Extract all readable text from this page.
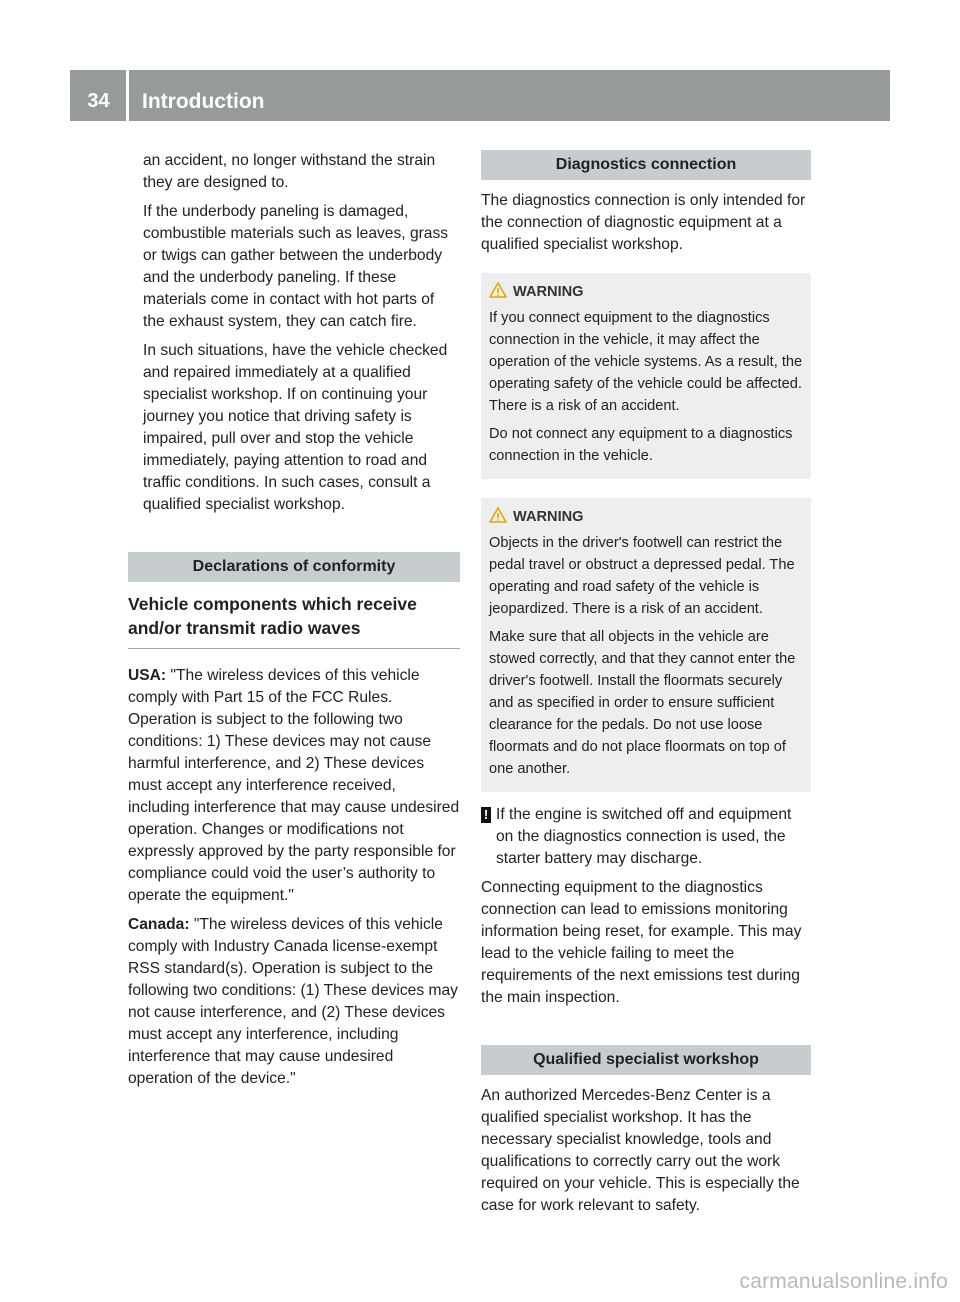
34	Introduction

an accident, no longer withstand the strain they are designed to.

If the underbody paneling is damaged, combustible materials such as leaves, grass or twigs can gather between the underbody and the underbody paneling. If these materials come in contact with hot parts of the exhaust system, they can catch fire.

In such situations, have the vehicle checked and repaired immediately at a qualified specialist workshop. If on continuing your journey you notice that driving safety is impaired, pull over and stop the vehicle immediately, paying attention to road and traffic conditions. In such cases, consult a qualified specialist workshop.

Declarations of conformity
Vehicle components which receive and/or transmit radio waves

USA: "The wireless devices of this vehicle comply with Part 15 of the FCC Rules. Operation is subject to the following two conditions: 1) These devices may not cause harmful interference, and 2) These devices must accept any interference received, including interference that may cause undesired operation. Changes or modifications not expressly approved by the party responsible for compliance could void the user’s authority to operate the equipment."

Canada: "The wireless devices of this vehicle comply with Industry Canada license-exempt RSS standard(s). Operation is subject to the following two conditions: (1) These devices may not cause interference, and (2) These devices must accept any interference, including interference that may cause undesired operation of the device."

Diagnostics connection

The diagnostics connection is only intended for the connection of diagnostic equipment at a qualified specialist workshop.

WARNING

If you connect equipment to the diagnostics connection in the vehicle, it may affect the operation of the vehicle systems. As a result, the operating safety of the vehicle could be affected. There is a risk of an accident.

Do not connect any equipment to a diagnostics connection in the vehicle.

WARNING

Objects in the driver's footwell can restrict the pedal travel or obstruct a depressed pedal. The operating and road safety of the vehicle is jeopardized. There is a risk of an accident.

Make sure that all objects in the vehicle are stowed correctly, and that they cannot enter the driver's footwell. Install the floormats securely and as specified in order to ensure sufficient clearance for the pedals. Do not use loose floormats and do not place floormats on top of one another.

! If the engine is switched off and equipment on the diagnostics connection is used, the starter battery may discharge.

Connecting equipment to the diagnostics connection can lead to emissions monitoring information being reset, for example. This may lead to the vehicle failing to meet the requirements of the next emissions test during the main inspection.

Qualified specialist workshop

An authorized Mercedes-Benz Center is a qualified specialist workshop. It has the necessary specialist knowledge, tools and qualifications to correctly carry out the work required on your vehicle. This is especially the case for work relevant to safety.

carmanualsonline.info
